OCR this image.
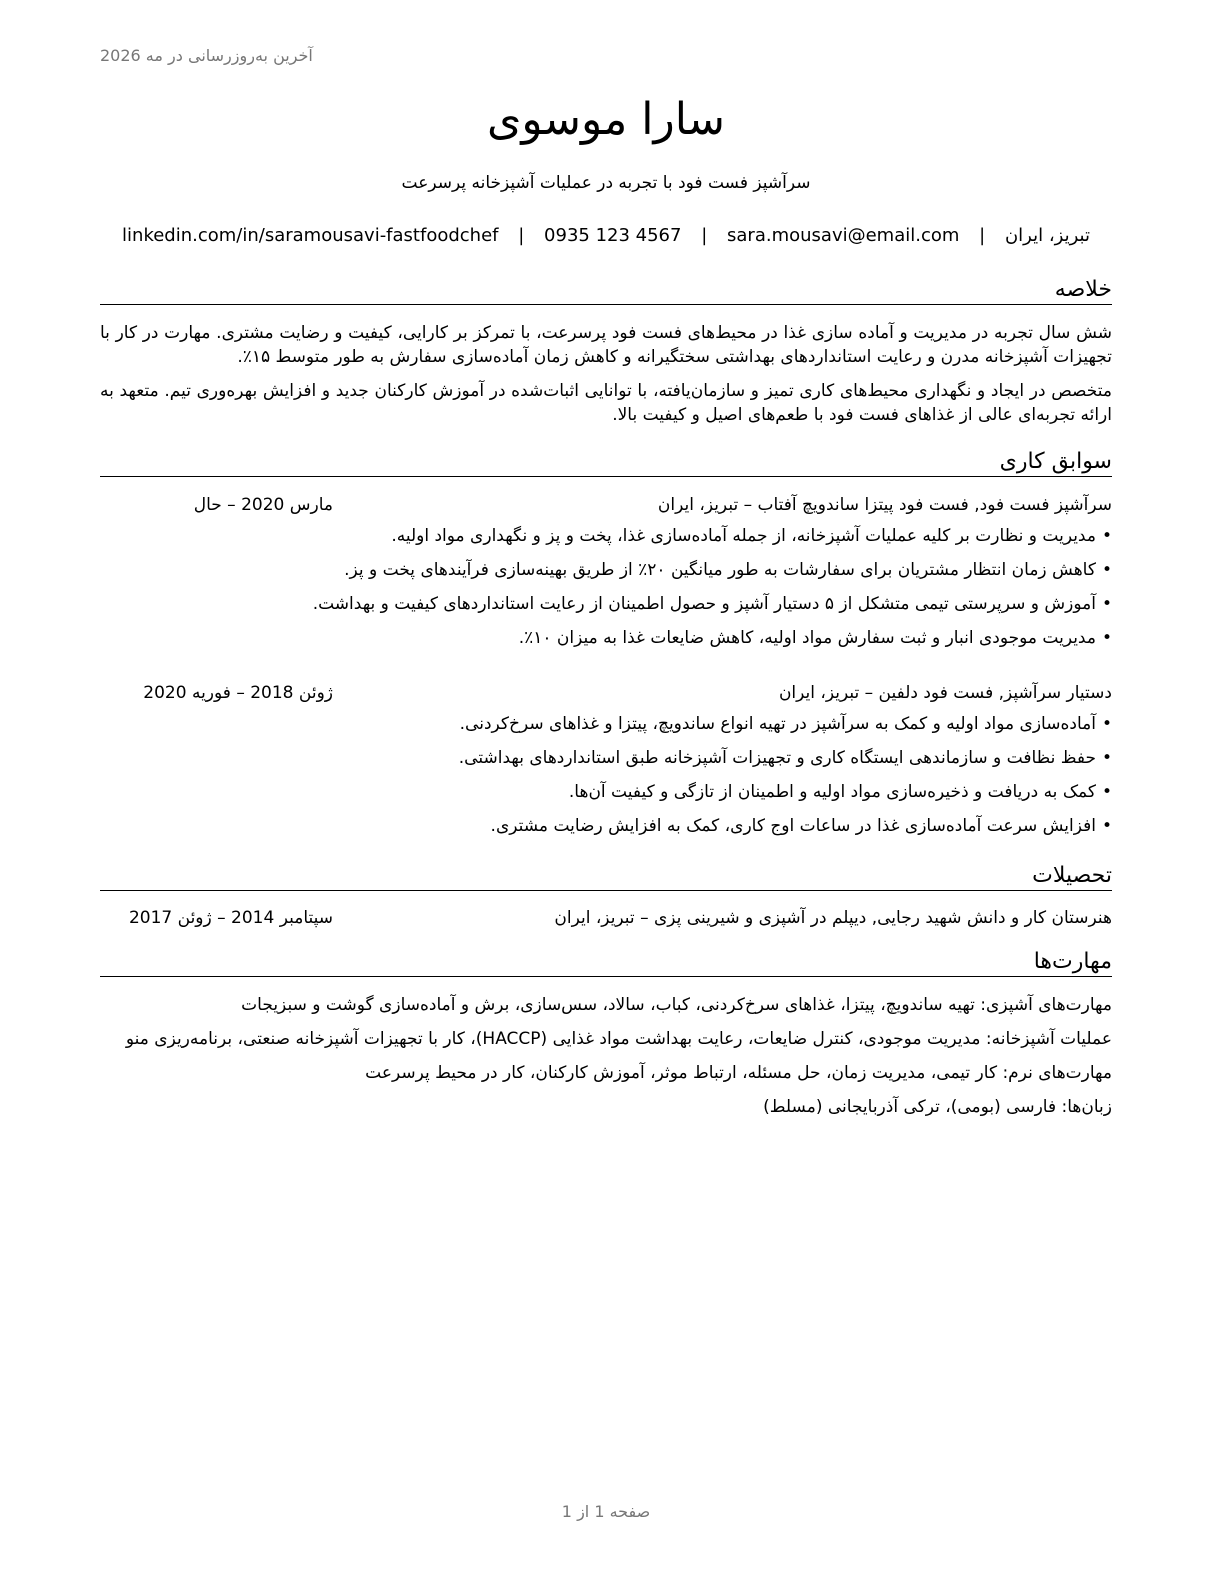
آخرین به‌روزرسانی در مه 2026
سارا موسوی
سرآشپز فست فود با تجربه در عملیات آشپزخانه پرسرعت
تبریز، ایران | sara.mousavi@email.com | 0935 123 4567 | linkedin.com/in/saramousavi-fastfoodchef
خلاصه

شش سال تجربه در مدیریت و آماده سازی غذا در محیط‌های فست فود پرسرعت، با تمرکز بر کارایی، کیفیت و رضایت مشتری. مهارت در کار با تجهیزات آشپزخانه مدرن و رعایت استانداردهای بهداشتی سختگیرانه و کاهش زمان آماده‌سازی سفارش به طور متوسط ۱۵٪.

متخصص در ایجاد و نگهداری محیط‌های کاری تمیز و سازمان‌یافته، با توانایی اثبات‌شده در آموزش کارکنان جدید و افزایش بهره‌وری تیم. متعهد به ارائه تجربه‌ای عالی از غذاهای فست فود با طعم‌های اصیل و کیفیت بالا.

سوابق کاری
سرآشپز فست فود, فست فود پیتزا ساندویچ آفتاب – تبریز، ایران
مارس 2020 – حال
•مدیریت و نظارت بر کلیه عملیات آشپزخانه، از جمله آماده‌سازی غذا، پخت و پز و نگهداری مواد اولیه.
•کاهش زمان انتظار مشتریان برای سفارشات به طور میانگین ۲۰٪ از طریق بهینه‌سازی فرآیندهای پخت و پز.
•آموزش و سرپرستی تیمی متشکل از ۵ دستیار آشپز و حصول اطمینان از رعایت استانداردهای کیفیت و بهداشت.
•مدیریت موجودی انبار و ثبت سفارش مواد اولیه، کاهش ضایعات غذا به میزان ۱۰٪.
دستیار سرآشپز, فست فود دلفین – تبریز، ایران
ژوئن 2018 – فوریه 2020
•آماده‌سازی مواد اولیه و کمک به سرآشپز در تهیه انواع ساندویچ، پیتزا و غذاهای سرخ‌کردنی.
•حفظ نظافت و سازماندهی ایستگاه کاری و تجهیزات آشپزخانه طبق استانداردهای بهداشتی.
•کمک به دریافت و ذخیره‌سازی مواد اولیه و اطمینان از تازگی و کیفیت آن‌ها.
•افزایش سرعت آماده‌سازی غذا در ساعات اوج کاری، کمک به افزایش رضایت مشتری.
تحصیلات
هنرستان کار و دانش شهید رجایی, دیپلم در آشپزی و شیرینی پزی – تبریز، ایران
سپتامبر 2014 – ژوئن 2017
مهارت‌ها
مهارت‌های آشپزی: تهیه ساندویچ، پیتزا، غذاهای سرخ‌کردنی، کباب، سالاد، سس‌سازی، برش و آماده‌سازی گوشت و سبزیجات
عملیات آشپزخانه: مدیریت موجودی، کنترل ضایعات، رعایت بهداشت مواد غذایی (HACCP)، کار با تجهیزات آشپزخانه صنعتی، برنامه‌ریزی منو
مهارت‌های نرم: کار تیمی، مدیریت زمان، حل مسئله، ارتباط موثر، آموزش کارکنان، کار در محیط پرسرعت
زبان‌ها: فارسی (بومی)، ترکی آذربایجانی (مسلط)
صفحه 1 از 1
